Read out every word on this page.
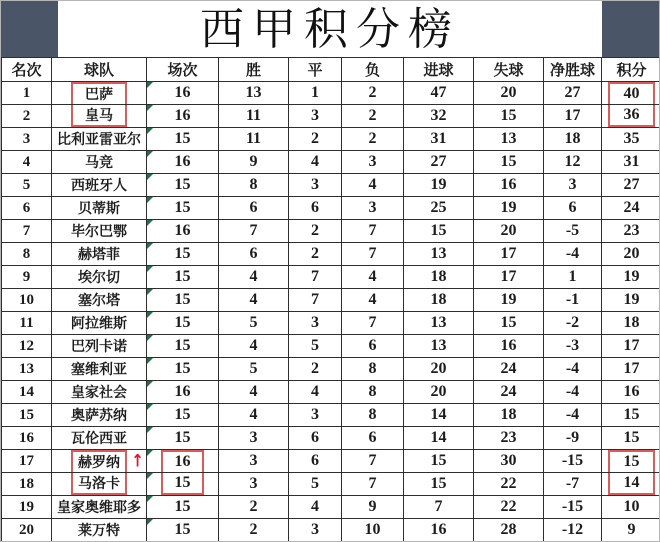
西甲积分榜
名次	球队	场次	胜	平	负	进球	失球	净胜球	积分

1	巴萨	16	13	1	2	47	20	27	40

2	皇马	16	11	3	2	32	15	17	36

3	比利亚雷亚尔	15	11	2	2	31	13	18	35

4	马竞	16	9	4	3	27	15	12	31

5	西班牙人	15	8	3	4	19	16	3	27

6	贝蒂斯	15	6	6	3	25	19	6	24

7	毕尔巴鄂	16	7	2	7	15	20	-5	23

8	赫塔菲	15	6	2	7	13	17	-4	20

9	埃尔切	15	4	7	4	18	17	1	19

10	塞尔塔	15	4	7	4	18	19	-1	19

11	阿拉维斯	15	5	3	7	13	15	-2	18

12	巴列卡诺	15	4	5	6	13	16	-3	17

13	塞维利亚	15	5	2	8	20	24	-4	17

14	皇家社会	16	4	4	8	20	24	-4	16

15	奥萨苏纳	15	4	3	8	14	18	-4	15

16	瓦伦西亚	15	3	6	6	14	23	-9	15

17	赫罗纳 ↑	16	3	6	7	15	30	-15	15

18	马洛卡	15	3	5	7	15	22	-7	14

19	皇家奥维耶多	15	2	4	9	7	22	-15	10

20	莱万特	15	2	3	10	16	28	-12	9
